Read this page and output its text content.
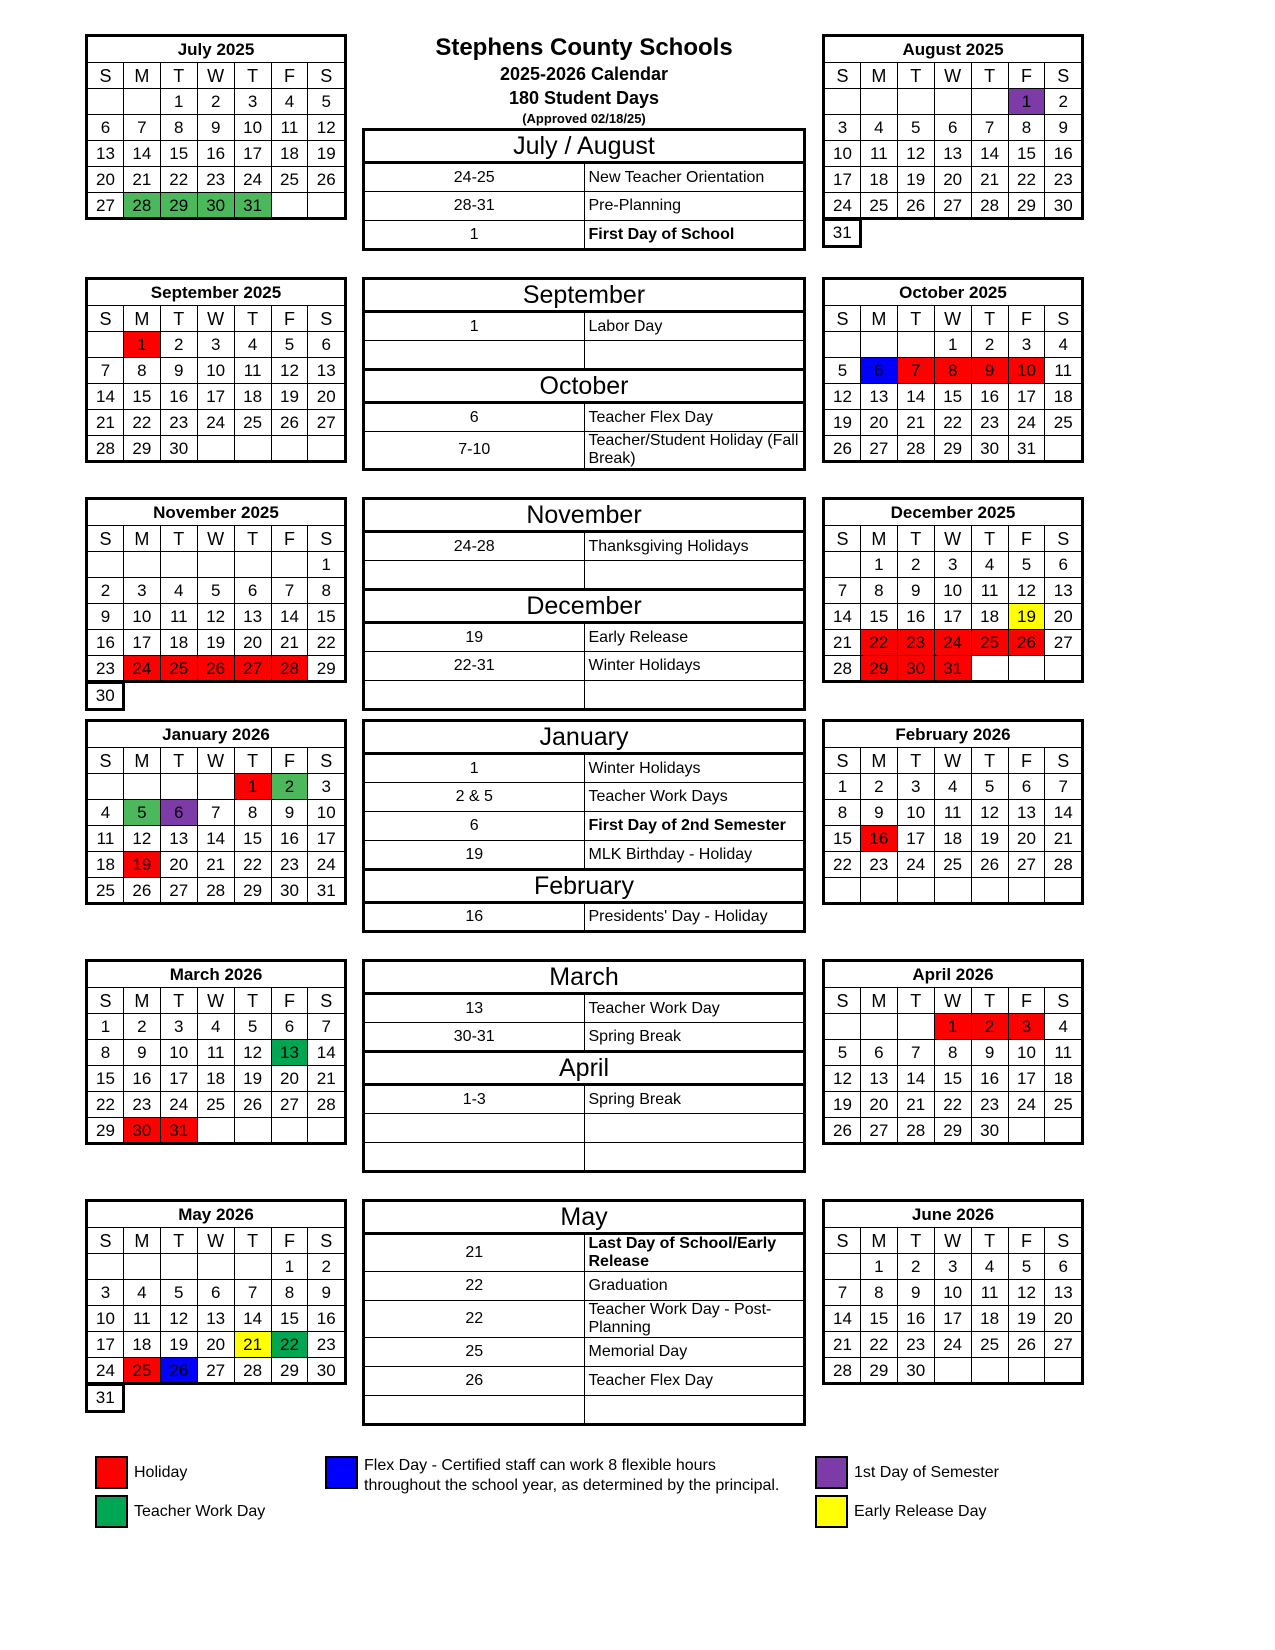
July 2025						
S	M	T	W	T	F	S
		1	2	3	4	5
6	7	8	9	10	11	12
13	14	15	16	17	18	19
20	21	22	23	24	25	26
27	28	29	30	31		
Stephens County Schools
2025-2026 Calendar
180 Student Days
(Approved 02/18/25)
July / August	
24-25	New Teacher Orientation
28-31	Pre-Planning
1	First Day of School
August 2025						
S	M	T	W	T	F	S
					1	2
3	4	5	6	7	8	9
10	11	12	13	14	15	16
17	18	19	20	21	22	23
24	25	26	27	28	29	30
31
September 2025						
S	M	T	W	T	F	S
	1	2	3	4	5	6
7	8	9	10	11	12	13
14	15	16	17	18	19	20
21	22	23	24	25	26	27
28	29	30				
September	
1	Labor Day

October	
6	Teacher Flex Day
7-10	Teacher/Student Holiday (Fall Break)
October 2025						
S	M	T	W	T	F	S
			1	2	3	4
5	6	7	8	9	10	11
12	13	14	15	16	17	18
19	20	21	22	23	24	25
26	27	28	29	30	31	
November 2025						
S	M	T	W	T	F	S
						1
2	3	4	5	6	7	8
9	10	11	12	13	14	15
16	17	18	19	20	21	22
23	24	25	26	27	28	29
30
November	
24-28	Thanksgiving Holidays

December	
19	Early Release
22-31	Winter Holidays

December 2025						
S	M	T	W	T	F	S
	1	2	3	4	5	6
7	8	9	10	11	12	13
14	15	16	17	18	19	20
21	22	23	24	25	26	27
28	29	30	31			
January 2026						
S	M	T	W	T	F	S
				1	2	3
4	5	6	7	8	9	10
11	12	13	14	15	16	17
18	19	20	21	22	23	24
25	26	27	28	29	30	31
January	
1	Winter Holidays
2 & 5	Teacher Work Days
6	First Day of 2nd Semester
19	MLK Birthday - Holiday
February	
16	Presidents' Day - Holiday
February 2026						
S	M	T	W	T	F	S
1	2	3	4	5	6	7
8	9	10	11	12	13	14
15	16	17	18	19	20	21
22	23	24	25	26	27	28

March 2026						
S	M	T	W	T	F	S
1	2	3	4	5	6	7
8	9	10	11	12	13	14
15	16	17	18	19	20	21
22	23	24	25	26	27	28
29	30	31				
March	
13	Teacher Work Day
30-31	Spring Break
April	
1-3	Spring Break

April 2026						
S	M	T	W	T	F	S
			1	2	3	4
5	6	7	8	9	10	11
12	13	14	15	16	17	18
19	20	21	22	23	24	25
26	27	28	29	30		
May 2026						
S	M	T	W	T	F	S
					1	2
3	4	5	6	7	8	9
10	11	12	13	14	15	16
17	18	19	20	21	22	23
24	25	26	27	28	29	30
31
May	
21	Last Day of School/Early Release
22	Graduation
22	Teacher Work Day - Post-Planning
25	Memorial Day
26	Teacher Flex Day

June 2026						
S	M	T	W	T	F	S
	1	2	3	4	5	6
7	8	9	10	11	12	13
14	15	16	17	18	19	20
21	22	23	24	25	26	27
28	29	30				
Holiday
Teacher Work Day
Flex Day - Certified staff can work 8 flexible hours throughout the school year, as determined by the principal.
1st Day of Semester
Early Release Day
